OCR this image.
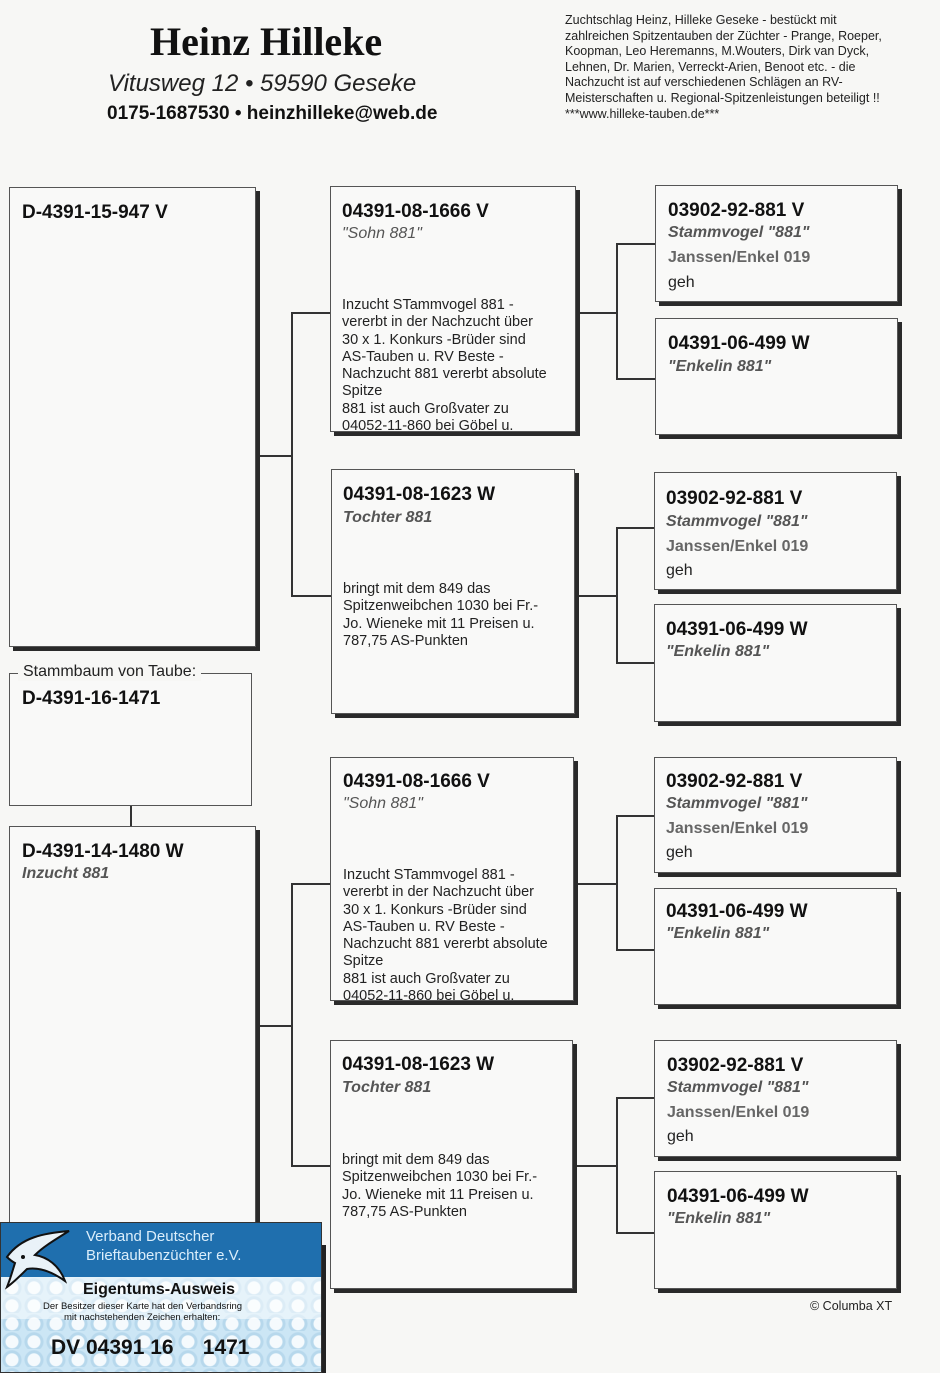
Heinz Hilleke
Vitusweg 12 • 59590 Geseke
0175-1687530 • heinzhilleke@web.de
Zuchtschlag Heinz, Hilleke Geseke - bestückt mit
zahlreichen Spitzentauben der Züchter - Prange, Roeper,
Koopman, Leo Heremanns, M.Wouters, Dirk van Dyck,
Lehnen, Dr. Marien, Verreckt-Arien, Benoot etc. - die
Nachzucht ist auf verschiedenen Schlägen an RV-
Meisterschaften u. Regional-Spitzenleistungen beteiligt !!
***www.hilleke-tauben.de***
D-4391-15-947 V
Stammbaum von Taube:
D-4391-16-1471
D-4391-14-1480 W
Inzucht 881
04391-08-1666 V
"Sohn 881"
Inzucht STammvogel 881 -
vererbt in der Nachzucht über
30 x 1. Konkurs -Brüder sind
AS-Tauben u. RV Beste -
Nachzucht 881 vererbt absolute
Spitze
881 ist auch Großvater zu
04052-11-860 bei Göbel u.
04391-08-1623 W
Tochter 881
bringt mit dem 849 das
Spitzenweibchen 1030 bei Fr.-
Jo. Wieneke mit 11 Preisen u.
787,75 AS-Punkten
04391-08-1666 V
"Sohn 881"
Inzucht STammvogel 881 -
vererbt in der Nachzucht über
30 x 1. Konkurs -Brüder sind
AS-Tauben u. RV Beste -
Nachzucht 881 vererbt absolute
Spitze
881 ist auch Großvater zu
04052-11-860 bei Göbel u.
04391-08-1623 W
Tochter 881
bringt mit dem 849 das
Spitzenweibchen 1030 bei Fr.-
Jo. Wieneke mit 11 Preisen u.
787,75 AS-Punkten
03902-92-881 V
Stammvogel "881"
Janssen/Enkel 019
geh
03902-92-881 V
Stammvogel "881"
Janssen/Enkel 019
geh
03902-92-881 V
Stammvogel "881"
Janssen/Enkel 019
geh
03902-92-881 V
Stammvogel "881"
Janssen/Enkel 019
geh
04391-06-499 W
"Enkelin 881"
04391-06-499 W
"Enkelin 881"
04391-06-499 W
"Enkelin 881"
04391-06-499 W
"Enkelin 881"
© Columba XT
Verband Deutscher
Brieftaubenzüchter e.V.
Eigentums-Ausweis
Der Besitzer dieser Karte hat den Verbandsring
mit nachstehenden Zeichen erhalten:
DV 04391 16     1471
